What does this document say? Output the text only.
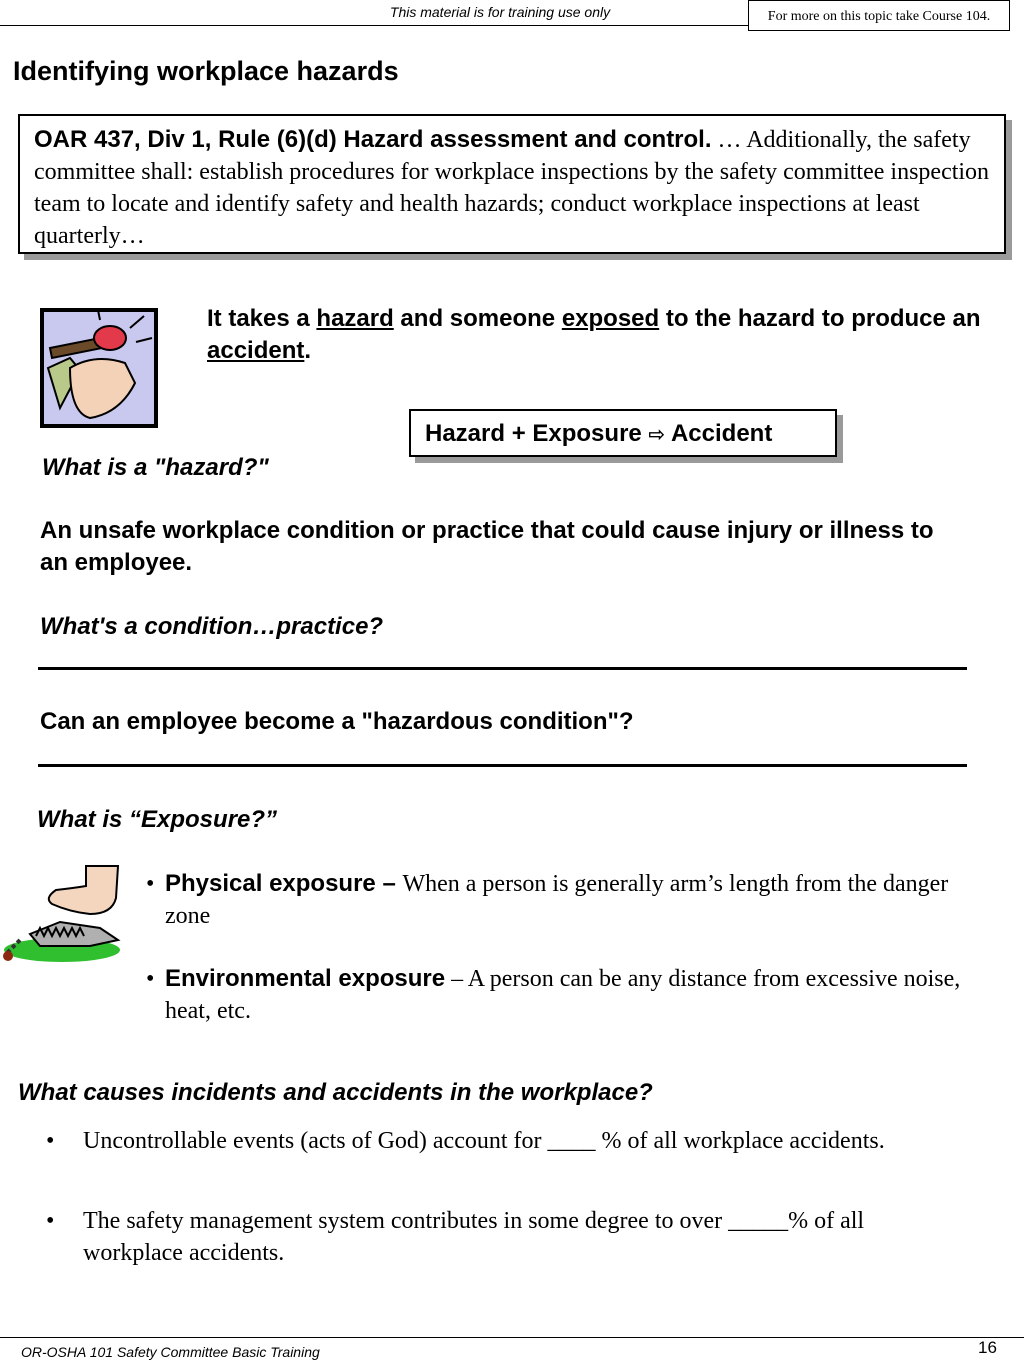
This material is for training use only	For more on this topic take Course 104.
Identifying workplace hazards
OAR 437, Div 1, Rule (6)(d) Hazard assessment and control. … Additionally, the safety committee shall: establish procedures for workplace inspections by the safety committee inspection team to locate and identify safety and health hazards; conduct workplace inspections at least quarterly…
It takes a hazard and someone exposed to the hazard to produce an accident.
Hazard + Exposure ⇨ Accident
What is a "hazard?"
An unsafe workplace condition or practice that could cause injury or illness to an employee.
What's a condition…practice?
Can an employee become a "hazardous condition"?
What is “Exposure?”
• Physical exposure – When a person is generally arm’s length from the danger zone
• Environmental exposure – A person can be any distance from excessive noise, heat, etc.
What causes incidents and accidents in the workplace?
• Uncontrollable events (acts of God) account for ____ % of all workplace accidents.
• The safety management system contributes in some degree to over _____% of all workplace accidents.
OR-OSHA 101 Safety Committee Basic Training	16
